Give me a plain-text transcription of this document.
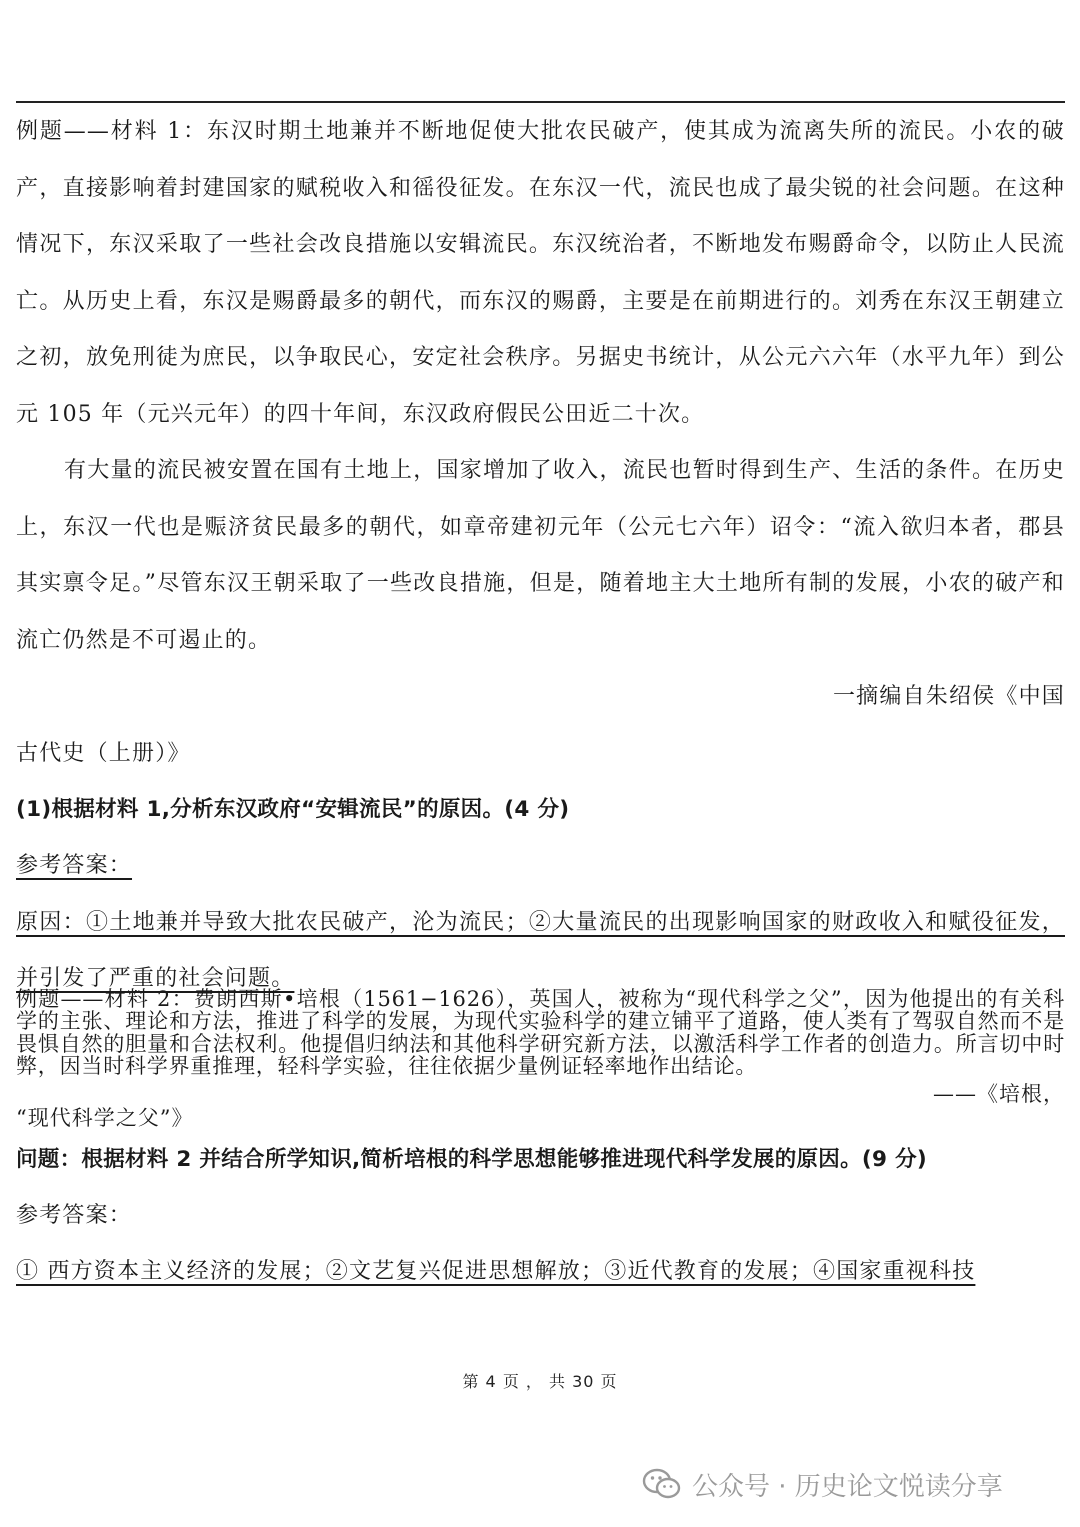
例题——材料 1：东汉时期土地兼并不断地促使大批农民破产，使其成为流离失所的流民。小农的破产，直接影响着封建国家的赋税收入和徭役征发。在东汉一代，流民也成了最尖锐的社会问题。在这种情况下，东汉采取了一些社会改良措施以安辑流民。东汉统治者，不断地发布赐爵命令，以防止人民流亡。从历史上看，东汉是赐爵最多的朝代，而东汉的赐爵，主要是在前期进行的。刘秀在东汉王朝建立之初，放免刑徒为庶民，以争取民心，安定社会秩序。另据史书统计，从公元六六年（水平九年）到公元 105 年（元兴元年）的四十年间，东汉政府假民公田近二十次。

有大量的流民被安置在国有土地上，国家增加了收入，流民也暂时得到生产、生活的条件。在历史上，东汉一代也是赈济贫民最多的朝代，如章帝建初元年（公元七六年）诏令：“流入欲归本者，郡县其实禀令足。”尽管东汉王朝采取了一些改良措施，但是，随着地主大土地所有制的发展，小农的破产和流亡仍然是不可遏止的。

一摘编自朱绍侯《中国

古代史（上册）》

(1)根据材料 1,分析东汉政府“安辑流民”的原因。(4 分)

参考答案：

原因：①土地兼并导致大批农民破产，沦为流民；②大量流民的出现影响国家的财政收入和赋役征发，并引发了严重的社会问题。

例题——材料 2：费朗西斯•培根（1561−1626），英国人，被称为“现代科学之父”，因为他提出的有关科学的主张、理论和方法，推进了科学的发展，为现代实验科学的建立铺平了道路，使人类有了驾驭自然而不是畏惧自然的胆量和合法权利。他提倡归纳法和其他科学研究新方法，以激活科学工作者的创造力。所言切中时弊，因当时科学界重推理，轻科学实验，往往依据少量例证轻率地作出结论。

——《培根，

“现代科学之父”》

问题：根据材料 2 并结合所学知识,简析培根的科学思想能够推进现代科学发展的原因。(9 分)

参考答案：

① 西方资本主义经济的发展；②文艺复兴促进思想解放；③近代教育的发展；④国家重视科技

第 4 页 ， 共 30 页
公众号 · 历史论文悦读分享
